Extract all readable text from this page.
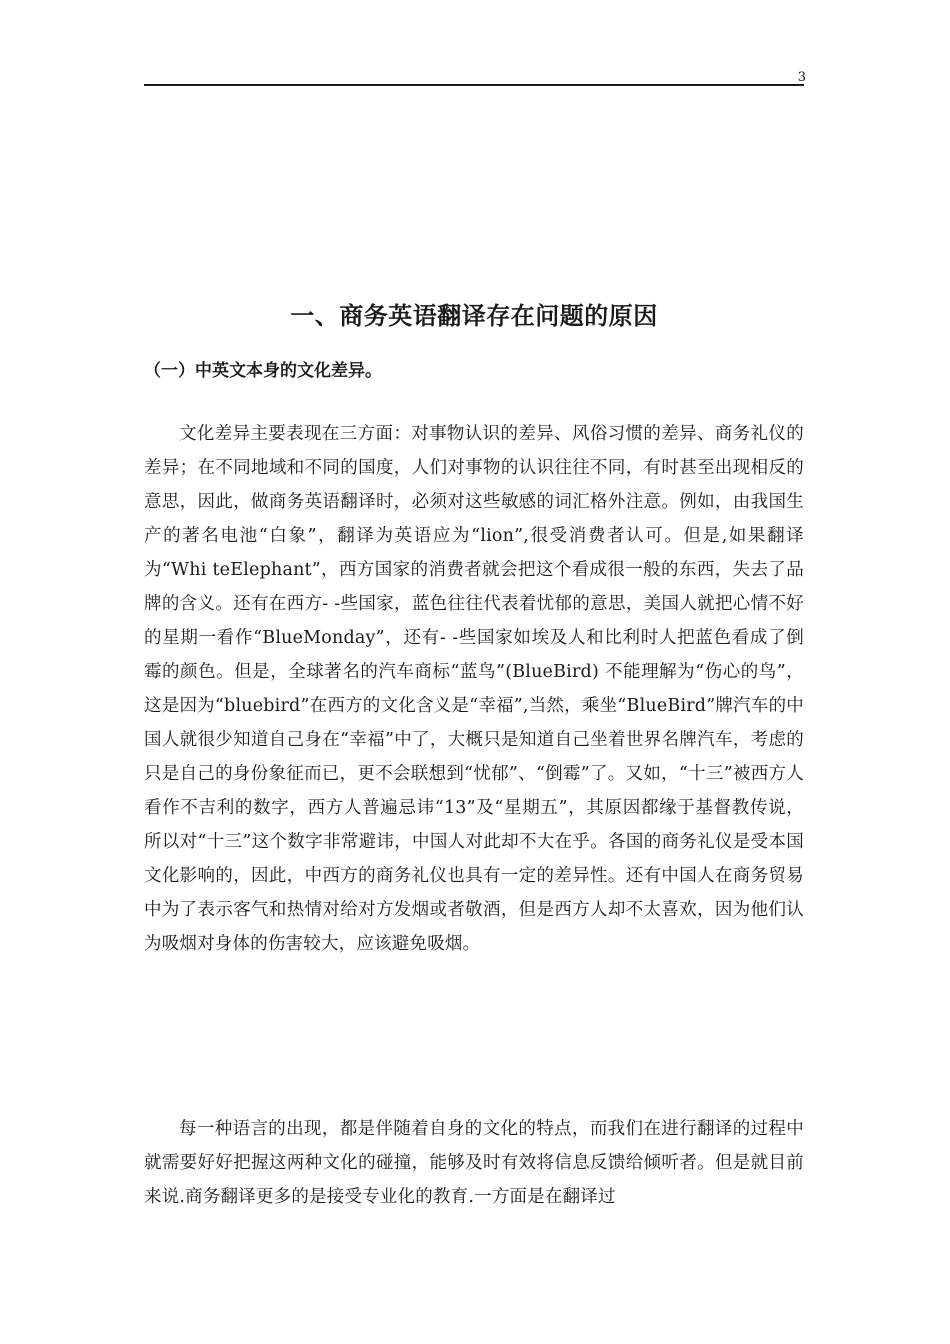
3
一、商务英语翻译存在问题的原因
（一）中英文本身的文化差异。

文化差异主要表现在三方面：对事物认识的差异、风俗习惯的差异、商务礼仪的差异；在不同地域和不同的国度，人们对事物的认识往往不同，有时甚至出现相反的意思，因此，做商务英语翻译时，必须对这些敏感的词汇格外注意。例如，由我国生产的著名电池“白象”，翻译为英语应为“lion”,很受消费者认可。但是,如果翻译为“Whi teElephant”，西方国家的消费者就会把这个看成很一般的东西，失去了品牌的含义。还有在西方- -些国家，蓝色往往代表着忧郁的意思，美国人就把心情不好的星期一看作“BlueMonday”，还有- -些国家如埃及人和比利时人把蓝色看成了倒霉的颜色。但是，全球著名的汽车商标“蓝鸟”(BlueBird) 不能理解为“伤心的鸟”，这是因为“bluebird”在西方的文化含义是“幸福”,当然，乘坐“BlueBird”牌汽车的中国人就很少知道自己身在“幸福”中了，大概只是知道自己坐着世界名牌汽车，考虑的只是自己的身份象征而已，更不会联想到“忧郁”、“倒霉”了。又如，“十三”被西方人看作不吉利的数字，西方人普遍忌讳“13”及“星期五”，其原因都缘于基督教传说，所以对“十三”这个数字非常避讳，中国人对此却不大在乎。各国的商务礼仪是受本国文化影响的，因此，中西方的商务礼仪也具有一定的差异性。还有中国人在商务贸易中为了表示客气和热情对给对方发烟或者敬酒，但是西方人却不太喜欢，因为他们认为吸烟对身体的伤害较大，应该避免吸烟。

每一种语言的出现，都是伴随着自身的文化的特点，而我们在进行翻译的过程中就需要好好把握这两种文化的碰撞，能够及时有效将信息反馈给倾听者。但是就目前来说.商务翻译更多的是接受专业化的教育.一方面是在翻译过
